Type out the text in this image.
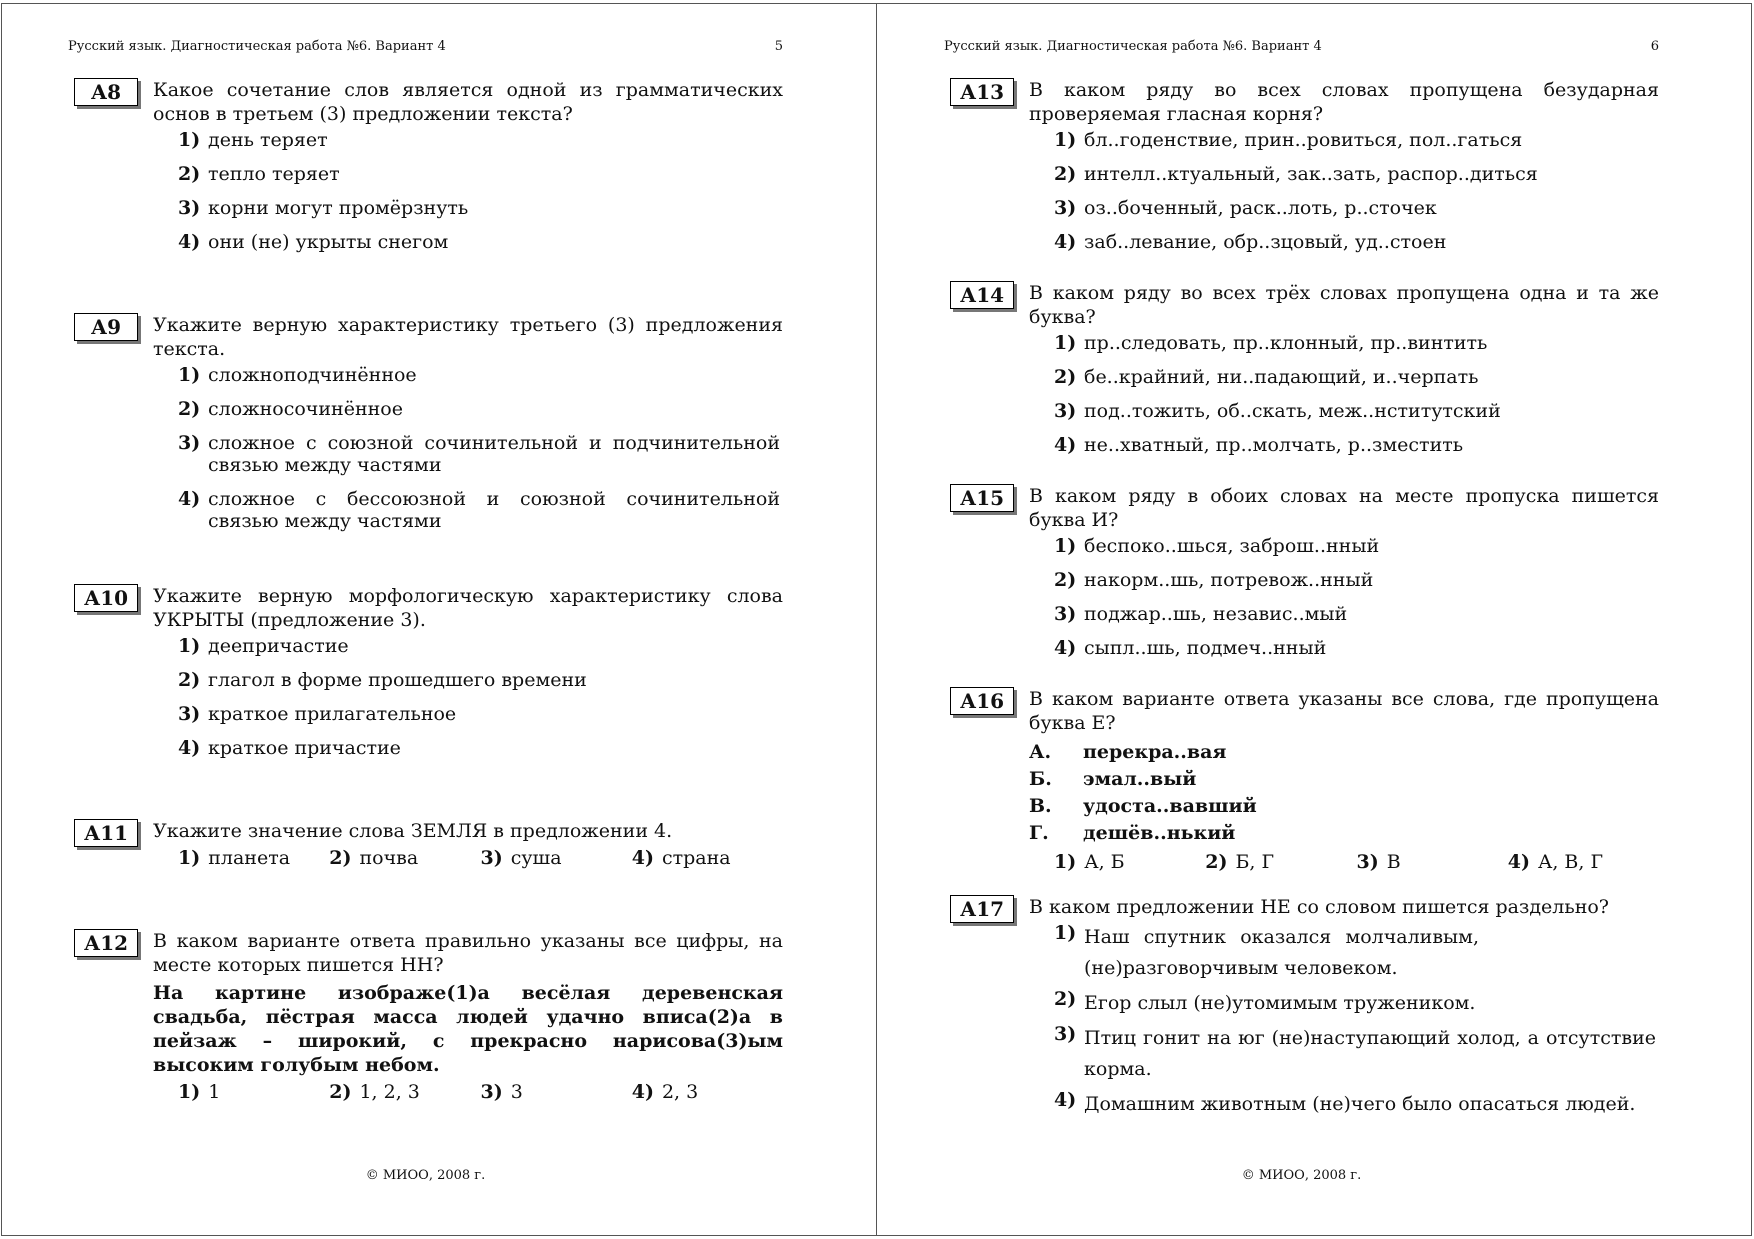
Русский язык. Диагностическая работа №6. Вариант 4	5
А8	Какое сочетание слов является одной из грамматических основ в третьем (3) предложении текста?
1) день теряет
2) тепло теряет
3) корни могут промёрзнуть
4) они (не) укрыты снегом
А9	Укажите верную характеристику третьего (3) предложения текста.
1) сложноподчинённое
2) сложносочинённое
3) сложное с союзной сочинительной и подчинительной связью между частями
4) сложное с бессоюзной и союзной сочинительной связью между частями
А10	Укажите верную морфологическую характеристику слова УКРЫТЫ (предложение 3).
1) деепричастие
2) глагол в форме прошедшего времени
3) краткое прилагательное
4) краткое причастие
А11	Укажите значение слова ЗЕМЛЯ в предложении 4.
1) планета	2) почва	3) суша	4) страна
А12	В каком варианте ответа правильно указаны все цифры, на месте которых пишется НН?
На картине изображе(1)а весёлая деревенская свадьба, пёстрая масса людей удачно вписа(2)а в пейзаж – широкий, с прекрасно нарисова(3)ым высоким голубым небом.
1) 1	2) 1, 2, 3	3) 3	4) 2, 3
© МИОО, 2008 г.
Русский язык. Диагностическая работа №6. Вариант 4	6
А13	В каком ряду во всех словах пропущена безударная проверяемая гласная корня?
1) бл..годенствие, прин..ровиться, пол..гаться
2) интелл..ктуальный, зак..зать, распор..диться
3) оз..боченный, раск..лоть, р..сточек
4) заб..левание, обр..зцовый, уд..стоен
А14	В каком ряду во всех трёх словах пропущена одна и та же буква?
1) пр..следовать, пр..клонный, пр..винтить
2) бе..крайний, ни..падающий, и..черпать
3) под..тожить, об..скать, меж..нститутский
4) не..хватный, пр..молчать, р..зместить
А15	В каком ряду в обоих словах на месте пропуска пишется буква И?
1) беспоко..шься, заброш..нный
2) накорм..шь, потревож..нный
3) поджар..шь, независ..мый
4) сыпл..шь, подмеч..нный
А16	В каком варианте ответа указаны все слова, где пропущена буква Е?
А.	перекра..вая
Б.	эмал..вый
В.	удоста..вавший
Г.	дешёв..нький
1) А, Б	2) Б, Г	3) В	4) А, В, Г
А17	В каком предложении НЕ со словом пишется раздельно?
1) Наш спутник оказался молчаливым, (не)разговорчивым человеком.
2) Егор слыл (не)утомимым тружеником.
3) Птиц гонит на юг (не)наступающий холод, а отсутствие корма.
4) Домашним животным (не)чего было опасаться людей.
© МИОО, 2008 г.
